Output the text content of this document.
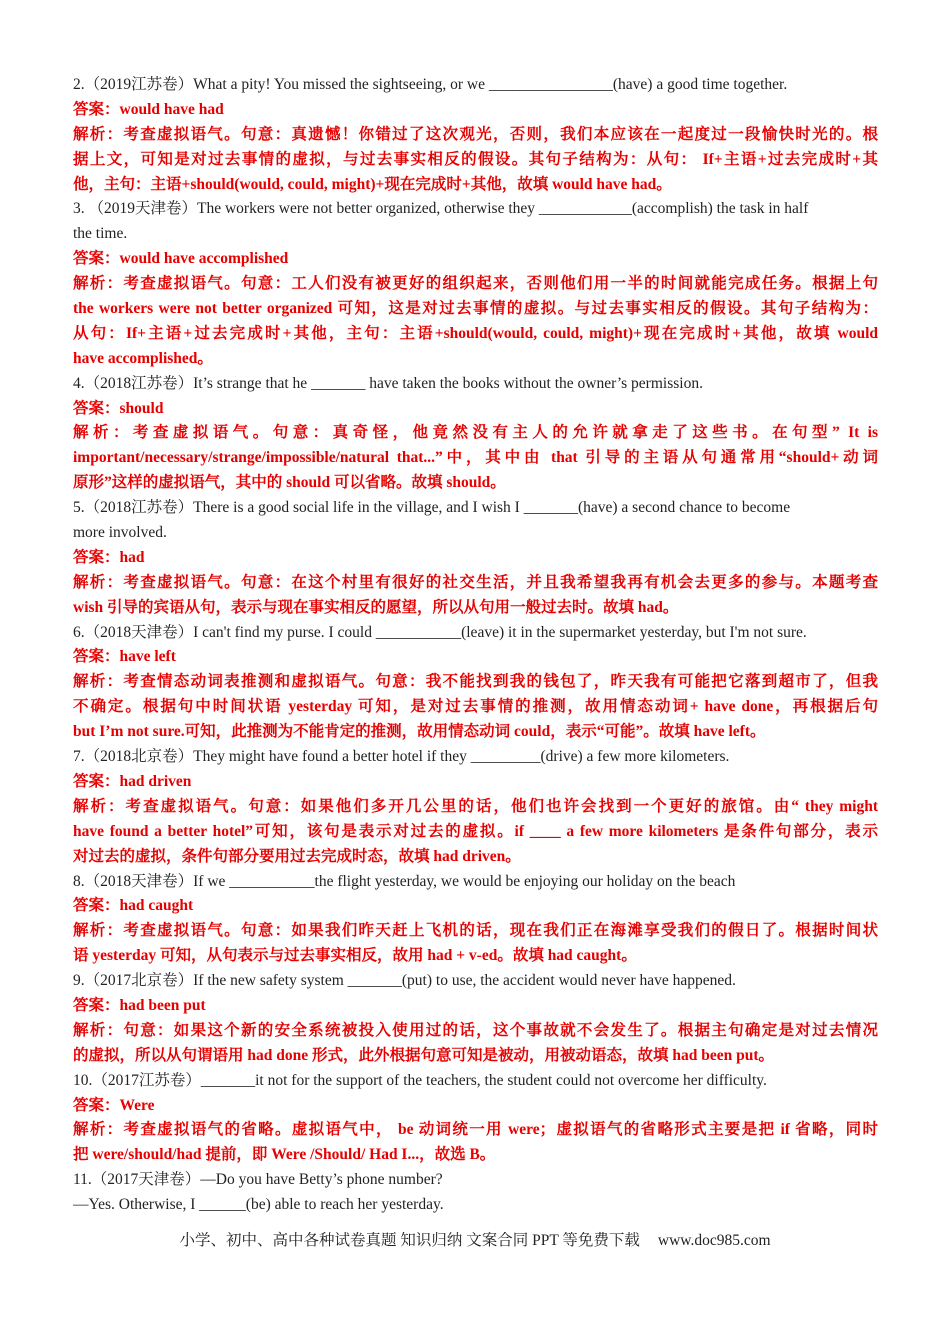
2.（2019江苏卷）What a pity! You missed the sightseeing, or we ________________(have) a good time together.
答案：would have had
解析：考查虚拟语气。句意：真遗憾！你错过了这次观光，否则，我们本应该在一起度过一段愉快时光的。根
据上文，可知是对过去事情的虚拟，与过去事实相反的假设。其句子结构为：从句： If+主语+过去完成时+其
他，主句：主语+should(would, could, might)+现在完成时+其他，故填 would have had。
3. （2019天津卷）The workers were not better organized, otherwise they ____________(accomplish) the task in half
the time.
答案：would have accomplished
解析：考查虚拟语气。句意：工人们没有被更好的组织起来，否则他们用一半的时间就能完成任务。根据上句
the workers were not better organized 可知，这是对过去事情的虚拟。与过去事实相反的假设。其句子结构为：
从句：If+主语+过去完成时+其他，主句：主语+should(would, could, might)+现在完成时+其他，故填 would
have accomplished。
4.（2018江苏卷）It’s strange that he _______ have taken the books without the owner’s permission.
答案：should
解析：考查虚拟语气。句意：真奇怪，他竟然没有主人的允许就拿走了这些书。在句型” It is
important/necessary/strange/impossible/natural that...”中，其中由 that 引导的主语从句通常用“should+动词
原形”这样的虚拟语气，其中的 should 可以省略。故填 should。
5.（2018江苏卷）There is a good social life in the village, and I wish I _______(have) a second chance to become
more involved.
答案：had
解析：考查虚拟语气。句意：在这个村里有很好的社交生活，并且我希望我再有机会去更多的参与。本题考查
wish 引导的宾语从句，表示与现在事实相反的愿望，所以从句用一般过去时。故填 had。
6.（2018天津卷）I can't find my purse. I could ___________(leave) it in the supermarket yesterday, but I'm not sure.
答案：have left
解析：考查情态动词表推测和虚拟语气。句意：我不能找到我的钱包了，昨天我有可能把它落到超市了，但我
不确定。根据句中时间状语 yesterday 可知，是对过去事情的推测，故用情态动词+ have done，再根据后句
but I’m not sure.可知，此推测为不能肯定的推测，故用情态动词 could，表示“可能”。故填 have left。
7.（2018北京卷）They might have found a better hotel if they _________(drive) a few more kilometers.
答案：had driven
解析：考查虚拟语气。句意：如果他们多开几公里的话，他们也许会找到一个更好的旅馆。由“ they might
have found a better hotel”可知，该句是表示对过去的虚拟。if ____ a few more kilometers 是条件句部分，表示
对过去的虚拟，条件句部分要用过去完成时态，故填 had driven。
8.（2018天津卷）If we ___________the flight yesterday, we would be enjoying our holiday on the beach
答案：had caught
解析：考查虚拟语气。句意：如果我们昨天赶上飞机的话，现在我们正在海滩享受我们的假日了。根据时间状
语 yesterday 可知，从句表示与过去事实相反，故用 had + v-ed。故填 had caught。
9.（2017北京卷）If the new safety system _______(put) to use, the accident would never have happened.
答案：had been put
解析：句意：如果这个新的安全系统被投入使用过的话，这个事故就不会发生了。根据主句确定是对过去情况
的虚拟，所以从句谓语用 had done 形式，此外根据句意可知是被动，用被动语态，故填 had been put。
10.（2017江苏卷）_______it not for the support of the teachers, the student could not overcome her difficulty.
答案：Were
解析：考查虚拟语气的省略。虚拟语气中， be 动词统一用 were；虚拟语气的省略形式主要是把 if 省略，同时
把 were/should/had 提前，即 Were /Should/ Had I...，故选 B。
11.（2017天津卷）—Do you have Betty’s phone number?
—Yes. Otherwise, I ______(be) able to reach her yesterday.
小学、初中、高中各种试卷真题 知识归纳 文案合同 PPT 等免费下载 www.doc985.com
